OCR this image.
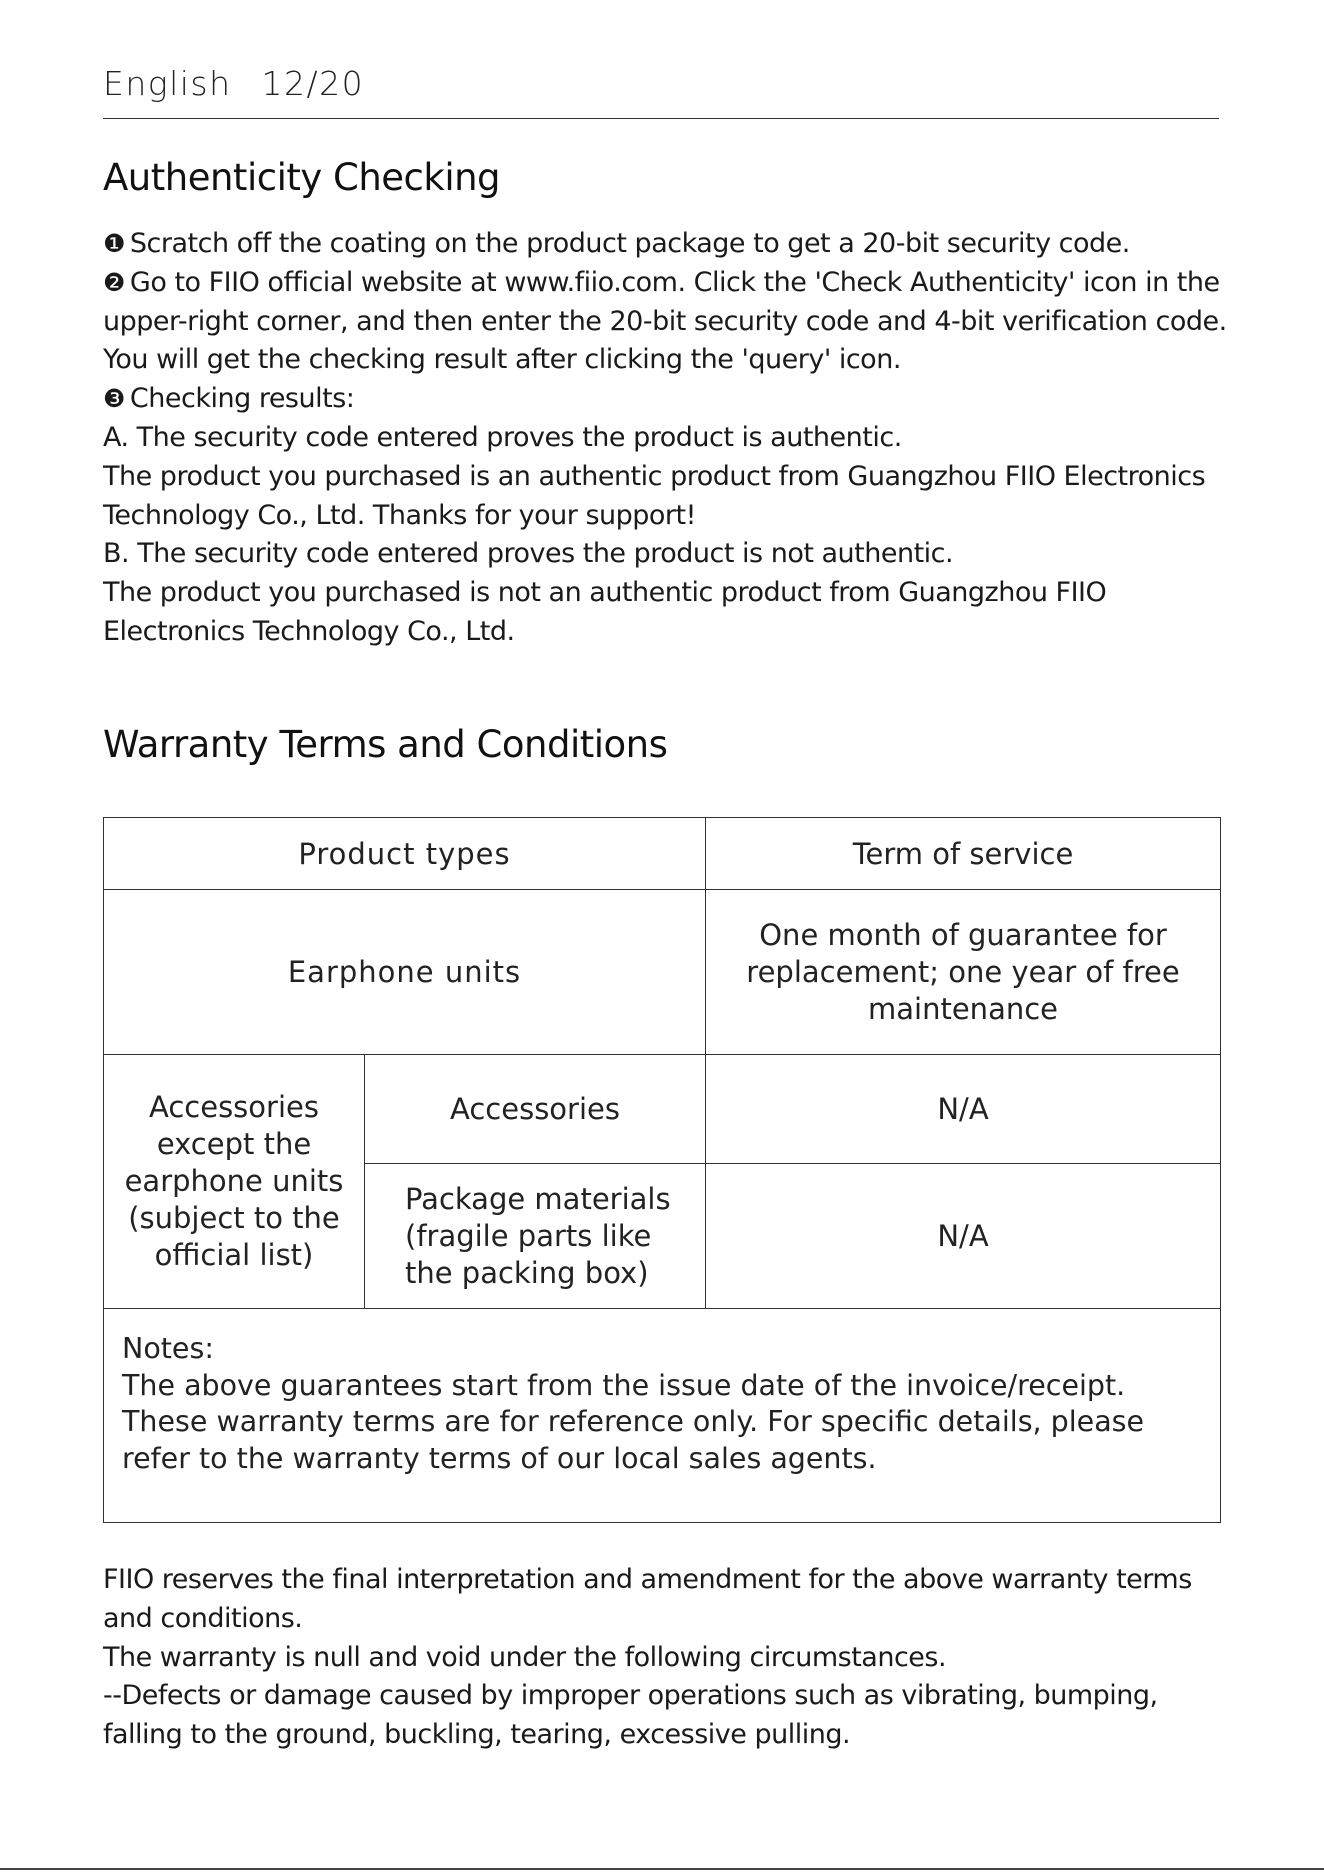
English 12/20
Authenticity Checking

❶ Scratch off the coating on the product package to get a 20-bit security code.

❷ Go to FIIO official website at www.fiio.com. Click the 'Check Authenticity' icon in the upper-right corner, and then enter the 20-bit security code and 4-bit verification code. You will get the checking result after clicking the 'query' icon.

❸ Checking results:

A. The security code entered proves the product is authentic.

The product you purchased is an authentic product from Guangzhou FIIO Electronics Technology Co., Ltd. Thanks for your support!

B. The security code entered proves the product is not authentic.

The product you purchased is not an authentic product from Guangzhou FIIO Electronics Technology Co., Ltd.

Warranty Terms and Conditions
Product types		Term of service
Earphone units		One month of guarantee for replacement; one year of free maintenance
Accessories except the earphone units (subject to the official list)	Accessories	N/A
	Package materials (fragile parts like the packing box)	N/A

Notes:

The above guarantees start from the issue date of the invoice/receipt.

These warranty terms are for reference only. For specific details, please refer to the warranty terms of our local sales agents.		

FIIO reserves the final interpretation and amendment for the above warranty terms and conditions.

The warranty is null and void under the following circumstances.

--Defects or damage caused by improper operations such as vibrating, bumping, falling to the ground, buckling, tearing, excessive pulling.
